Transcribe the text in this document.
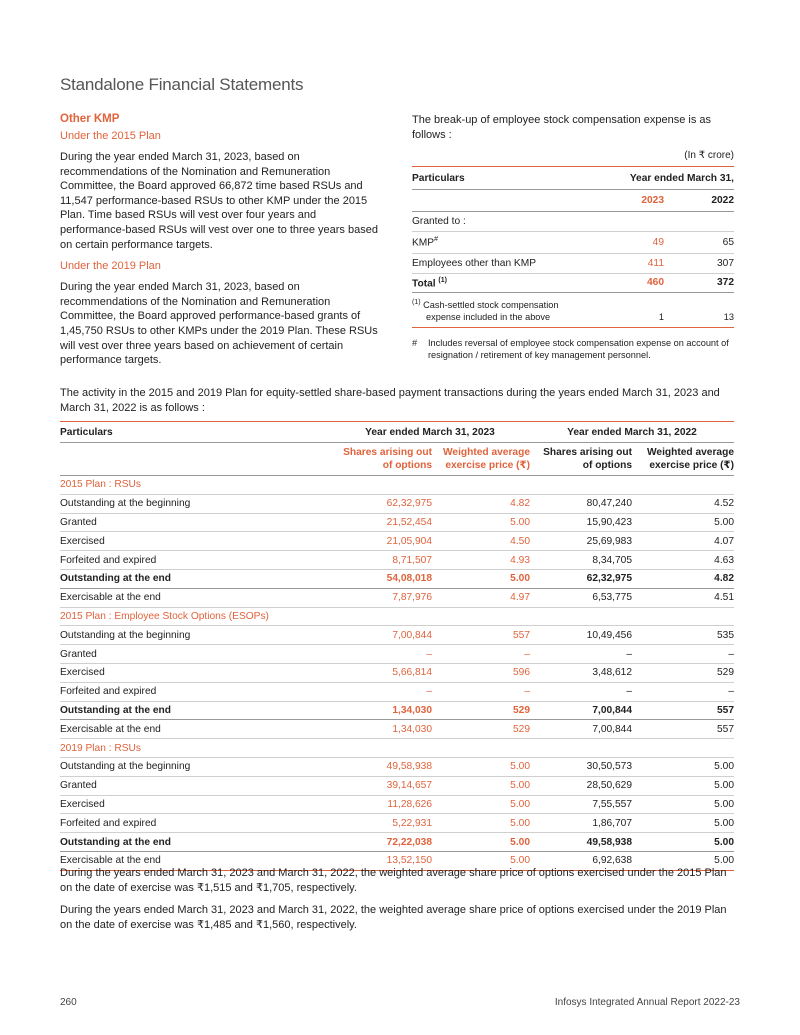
Standalone Financial Statements
Other KMP
Under the 2015 Plan

During the year ended March 31, 2023, based on recommendations of the Nomination and Remuneration Committee, the Board approved 66,872 time based RSUs and 11,547 performance-based RSUs to other KMP under the 2015 Plan. Time based RSUs will vest over four years and performance-based RSUs will vest over one to three years based on certain performance targets.

Under the 2019 Plan

During the year ended March 31, 2023, based on recommendations of the Nomination and Remuneration Committee, the Board approved performance-based grants of 1,45,750 RSUs to other KMPs under the 2019 Plan. These RSUs will vest over three years based on achievement of certain performance targets.

The break-up of employee stock compensation expense is as follows :

(In ₹ crore)
Particulars	Year ended March 31,	
	2023	2022
Granted to :		
KMP#	49	65
Employees other than KMP	411	307
Total $^{(1)}$	460	372
$^{(1)}$ Cash-settled stock compensation
expense included in the above	1	13
#	Includes reversal of employee stock compensation expense on account of resignation / retirement of key management personnel.

The activity in the 2015 and 2019 Plan for equity-settled share-based payment transactions during the years ended March 31, 2023 and March 31, 2022 is as follows :

Particulars	Year ended March 31, 2023		Year ended March 31, 2022	
	Shares arising out
of options	Weighted average
exercise price (₹)	Shares arising out
of options	Weighted average
exercise price (₹)
2015 Plan : RSUs				
Outstanding at the beginning	62,32,975	4.82	80,47,240	4.52
Granted	21,52,454	5.00	15,90,423	5.00
Exercised	21,05,904	4.50	25,69,983	4.07
Forfeited and expired	8,71,507	4.93	8,34,705	4.63
Outstanding at the end	54,08,018	5.00	62,32,975	4.82
Exercisable at the end	7,87,976	4.97	6,53,775	4.51
2015 Plan : Employee Stock Options (ESOPs)				
Outstanding at the beginning	7,00,844	557	10,49,456	535
Granted	–	–	–	–
Exercised	5,66,814	596	3,48,612	529
Forfeited and expired	–	–	–	–
Outstanding at the end	1,34,030	529	7,00,844	557
Exercisable at the end	1,34,030	529	7,00,844	557
2019 Plan : RSUs				
Outstanding at the beginning	49,58,938	5.00	30,50,573	5.00
Granted	39,14,657	5.00	28,50,629	5.00
Exercised	11,28,626	5.00	7,55,557	5.00
Forfeited and expired	5,22,931	5.00	1,86,707	5.00
Outstanding at the end	72,22,038	5.00	49,58,938	5.00
Exercisable at the end	13,52,150	5.00	6,92,638	5.00

During the years ended March 31, 2023 and March 31, 2022, the weighted average share price of options exercised under the 2015 Plan on the date of exercise was ₹1,515 and ₹1,705, respectively.

During the years ended March 31, 2023 and March 31, 2022, the weighted average share price of options exercised under the 2019 Plan on the date of exercise was ₹1,485 and ₹1,560, respectively.

260	Infosys Integrated Annual Report 2022-23
